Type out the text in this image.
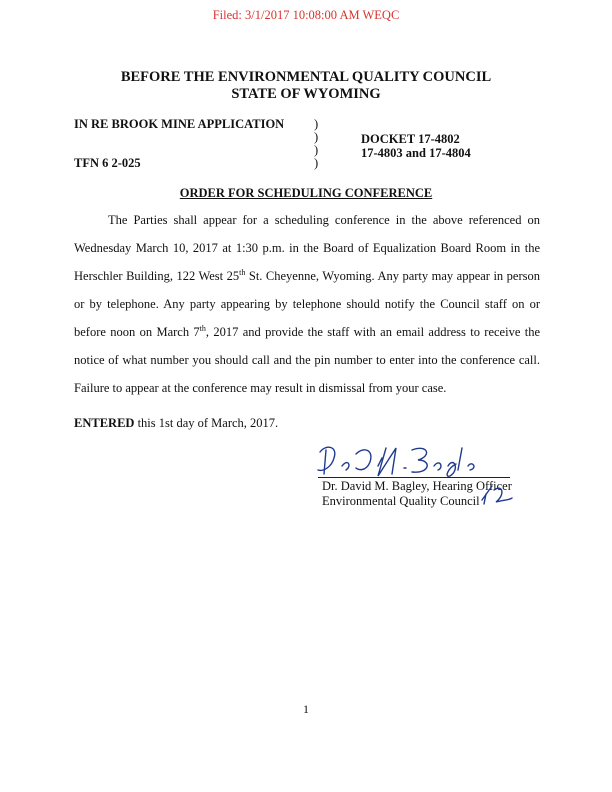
Filed: 3/1/2017 10:08:00 AM WEQC
BEFORE THE ENVIRONMENTAL QUALITY COUNCIL
STATE OF WYOMING
IN RE BROOK MINE APPLICATION
TFN 6 2-025
)
)
)
)
DOCKET 17-4802
17-4803 and 17-4804
ORDER FOR SCHEDULING CONFERENCE
The Parties shall appear for a scheduling conference in the above referenced on Wednesday March 10, 2017 at 1:30 p.m. in the Board of Equalization Board Room in the Herschler Building, 122 West 25th St. Cheyenne, Wyoming. Any party may appear in person or by telephone. Any party appearing by telephone should notify the Council staff on or before noon on March 7th, 2017 and provide the staff with an email address to receive the notice of what number you should call and the pin number to enter into the conference call. Failure to appear at the conference may result in dismissal from your case.
ENTERED this 1st day of March, 2017.
Dr. David M. Bagley
Dr. David M. Bagley, Hearing Officer
Environmental Quality Council
1
